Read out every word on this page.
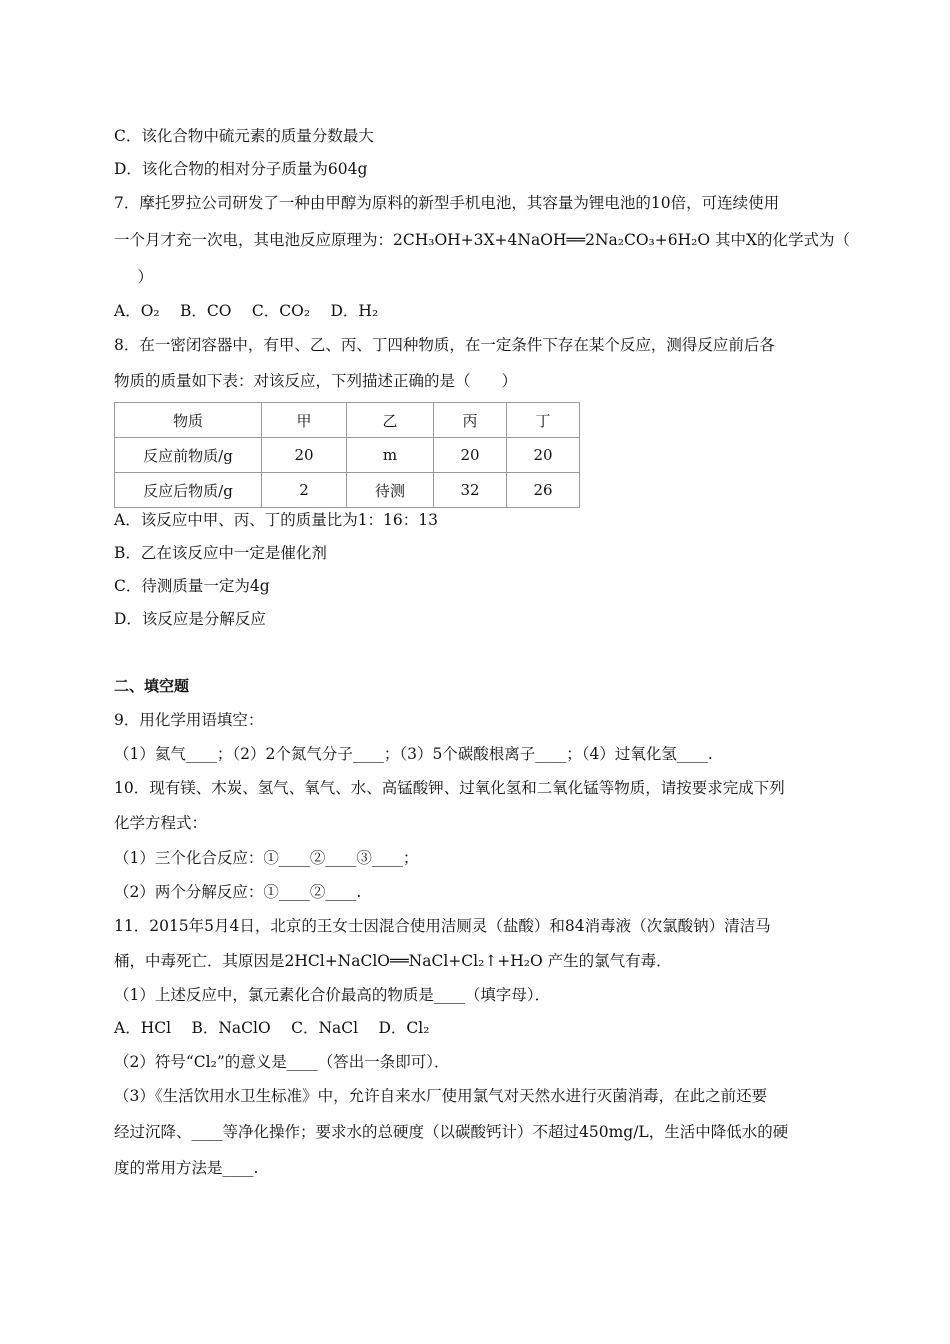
C．该化合物中硫元素的质量分数最大
D．该化合物的相对分子质量为604g
7．摩托罗拉公司研发了一种由甲醇为原料的新型手机电池，其容量为锂电池的10倍，可连续使用
一个月才充一次电，其电池反应原理为：2CH₃OH+3X+4NaOH══2Na₂CO₃+6H₂O 其中X的化学式为（
　）
A．O₂　 B．CO　 C．CO₂　 D．H₂
8．在一密闭容器中，有甲、乙、丙、丁四种物质，在一定条件下存在某个反应，测得反应前后各
物质的质量如下表：对该反应，下列描述正确的是（　　）
物质	甲	乙	丙	丁
反应前物质/g	20	m	20	20
反应后物质/g	2	待测	32	26
A．该反应中甲、丙、丁的质量比为1：16：13
B．乙在该反应中一定是催化剂
C．待测质量一定为4g
D．该反应是分解反应
二、填空题
9．用化学用语填空：
（1）氦气____；（2）2个氮气分子____；（3）5个碳酸根离子____；（4）过氧化氢____.
10．现有镁、木炭、氢气、氧气、水、高锰酸钾、过氧化氢和二氧化锰等物质，请按要求完成下列
化学方程式：
（1）三个化合反应：①____②____③____；
（2）两个分解反应：①____②____.
11．2015年5月4日，北京的王女士因混合使用洁厕灵（盐酸）和84消毒液（次氯酸钠）清洁马
桶，中毒死亡．其原因是2HCl+NaClO══NaCl+Cl₂↑+H₂O 产生的氯气有毒．
（1）上述反应中，氯元素化合价最高的物质是____（填字母）．
A．HCl　 B．NaClO　 C．NaCl　 D．Cl₂
（2）符号“Cl₂”的意义是____（答出一条即可）．
（3）《生活饮用水卫生标准》中，允许自来水厂使用氯气对天然水进行灭菌消毒，在此之前还要
经过沉降、____等净化操作；要求水的总硬度（以碳酸钙计）不超过450mg/L，生活中降低水的硬
度的常用方法是____.
